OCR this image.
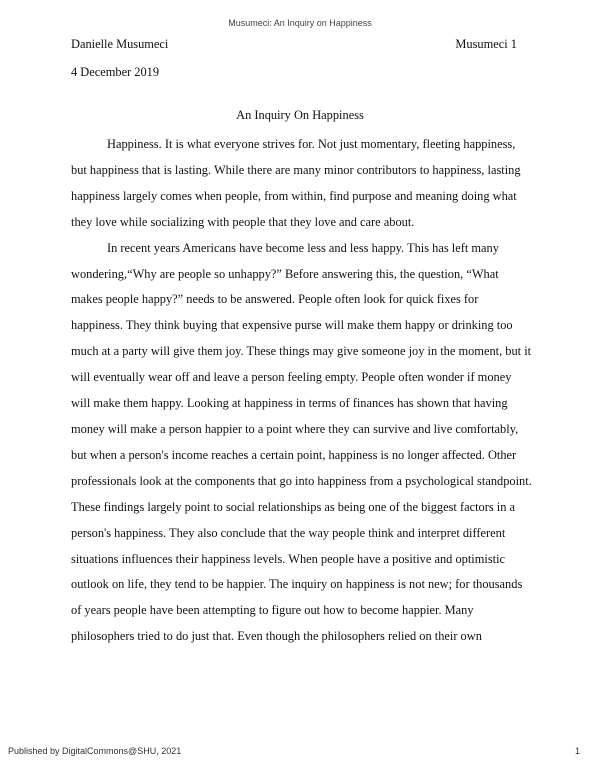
Musumeci: An Inquiry on Happiness
Danielle Musumeci	Musumeci 1
4 December 2019
An Inquiry On Happiness

Happiness. It is what everyone strives for. Not just momentary, fleeting happiness, but happiness that is lasting. While there are many minor contributors to happiness, lasting happiness largely comes when people, from within, find purpose and meaning doing what they love while socializing with people that they love and care about.

In recent years Americans have become less and less happy. This has left many wondering,“Why are people so unhappy?” Before answering this, the question, “What makes people happy?” needs to be answered. People often look for quick fixes for happiness. They think buying that expensive purse will make them happy or drinking too much at a party will give them joy. These things may give someone joy in the moment, but it will eventually wear off and leave a person feeling empty. People often wonder if money will make them happy. Looking at happiness in terms of finances has shown that having money will make a person happier to a point where they can survive and live comfortably, but when a person's income reaches a certain point, happiness is no longer affected. Other professionals look at the components that go into happiness from a psychological standpoint. These findings largely point to social relationships as being one of the biggest factors in a person's happiness. They also conclude that the way people think and interpret different situations influences their happiness levels. When people have a positive and optimistic outlook on life, they tend to be happier. The inquiry on happiness is not new; for thousands of years people have been attempting to figure out how to become happier. Many philosophers tried to do just that. Even though the philosophers relied on their own

Published by DigitalCommons@SHU, 2021	1
